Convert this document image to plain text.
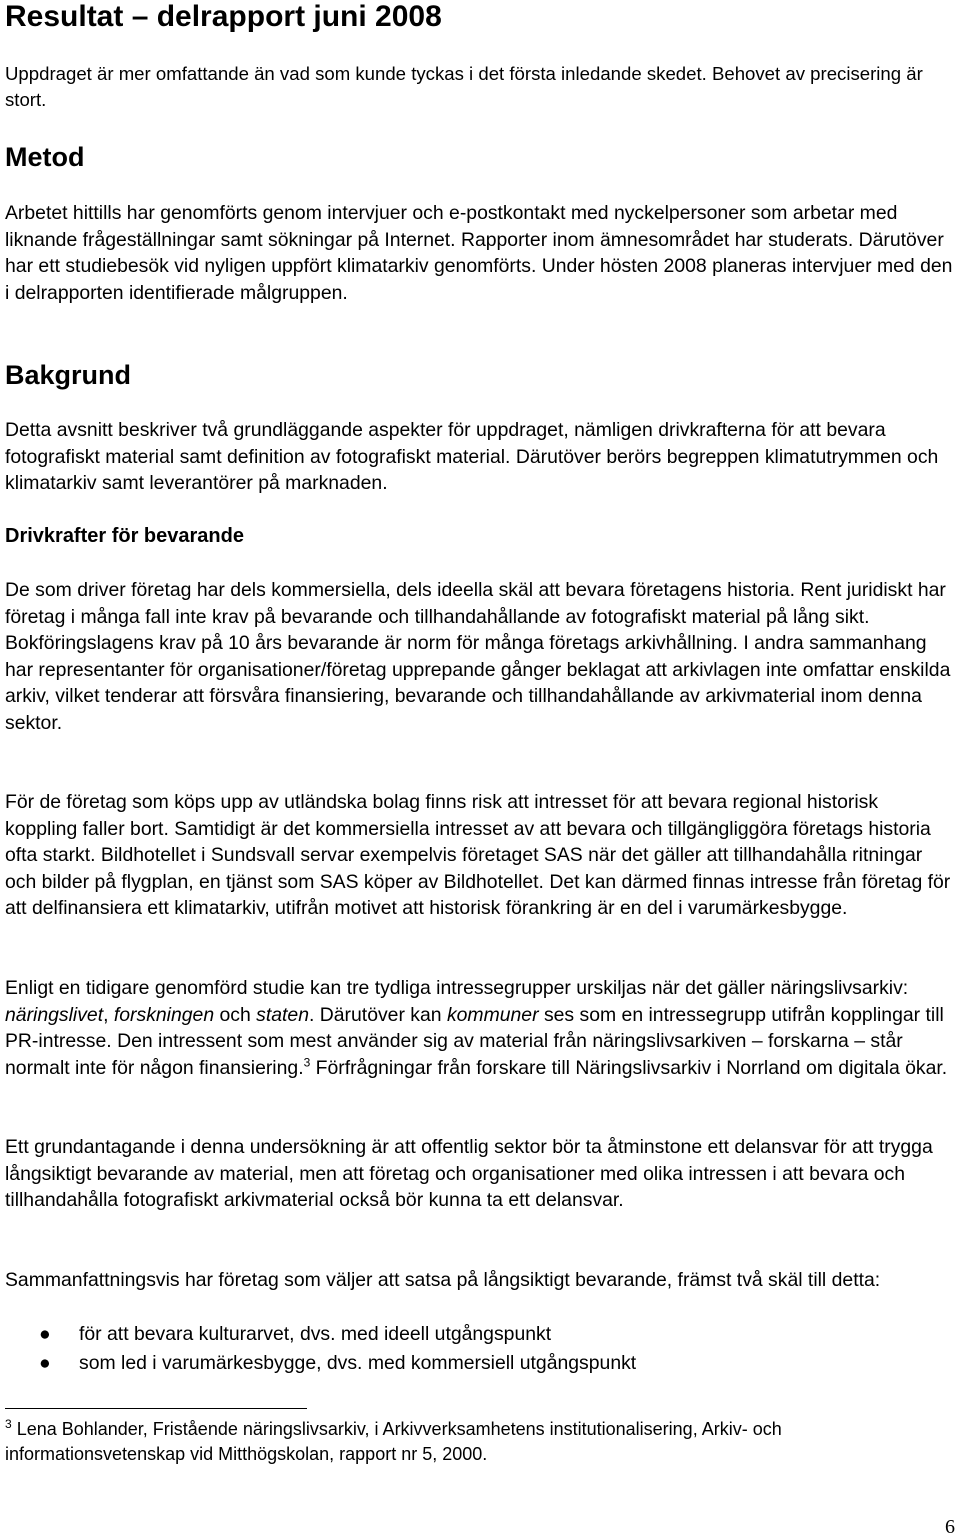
Resultat – delrapport juni 2008

Uppdraget är mer omfattande än vad som kunde tyckas i det första inledande skedet. Behovet av precisering är stort.

Metod

Arbetet hittills har genomförts genom intervjuer och e-postkontakt med nyckelpersoner som arbetar med liknande frågeställningar samt sökningar på Internet. Rapporter inom ämnesområdet har studerats. Därutöver har ett studiebesök vid nyligen uppfört klimatarkiv genomförts. Under hösten 2008 planeras intervjuer med den i delrapporten identifierade målgruppen.

Bakgrund

Detta avsnitt beskriver två grundläggande aspekter för uppdraget, nämligen drivkrafterna för att bevara fotografiskt material samt definition av fotografiskt material. Därutöver berörs begreppen klimatutrymmen och klimatarkiv samt leverantörer på marknaden.

Drivkrafter för bevarande

De som driver företag har dels kommersiella, dels ideella skäl att bevara företagens historia. Rent juridiskt har företag i många fall inte krav på bevarande och tillhandahållande av fotografiskt material på lång sikt. Bokföringslagens krav på 10 års bevarande är norm för många företags arkivhållning. I andra sammanhang har representanter för organisationer/företag upprepande gånger beklagat att arkivlagen inte omfattar enskilda arkiv, vilket tenderar att försvåra finansiering, bevarande och tillhandahållande av arkivmaterial inom denna sektor.

För de företag som köps upp av utländska bolag finns risk att intresset för att bevara regional historisk koppling faller bort. Samtidigt är det kommersiella intresset av att bevara och tillgängliggöra företags historia ofta starkt. Bildhotellet i Sundsvall servar exempelvis företaget SAS när det gäller att tillhandahålla ritningar och bilder på flygplan, en tjänst som SAS köper av Bildhotellet. Det kan därmed finnas intresse från företag för att delfinansiera ett klimatarkiv, utifrån motivet att historisk förankring är en del i varumärkesbygge.

Enligt en tidigare genomförd studie kan tre tydliga intressegrupper urskiljas när det gäller näringslivsarkiv: näringslivet, forskningen och staten. Därutöver kan kommuner ses som en intressegrupp utifrån kopplingar till PR-intresse. Den intressent som mest använder sig av material från näringslivsarkiven – forskarna – står normalt inte för någon finansiering.$^3$ Förfrågningar från forskare till Näringslivsarkiv i Norrland om digitala ökar.

Ett grundantagande i denna undersökning är att offentlig sektor bör ta åtminstone ett delansvar för att trygga långsiktigt bevarande av material, men att företag och organisationer med olika intressen i att bevara och tillhandahålla fotografiskt arkivmaterial också bör kunna ta ett delansvar.

Sammanfattningsvis har företag som väljer att satsa på långsiktigt bevarande, främst två skäl till detta:

● för att bevara kulturarvet, dvs. med ideell utgångspunkt
● som led i varumärkesbygge, dvs. med kommersiell utgångspunkt
$^3$ Lena Bohlander, Fristående näringslivsarkiv, i Arkivverksamhetens institutionalisering, Arkiv- och informationsvetenskap vid Mitthögskolan, rapport nr 5, 2000.
6
